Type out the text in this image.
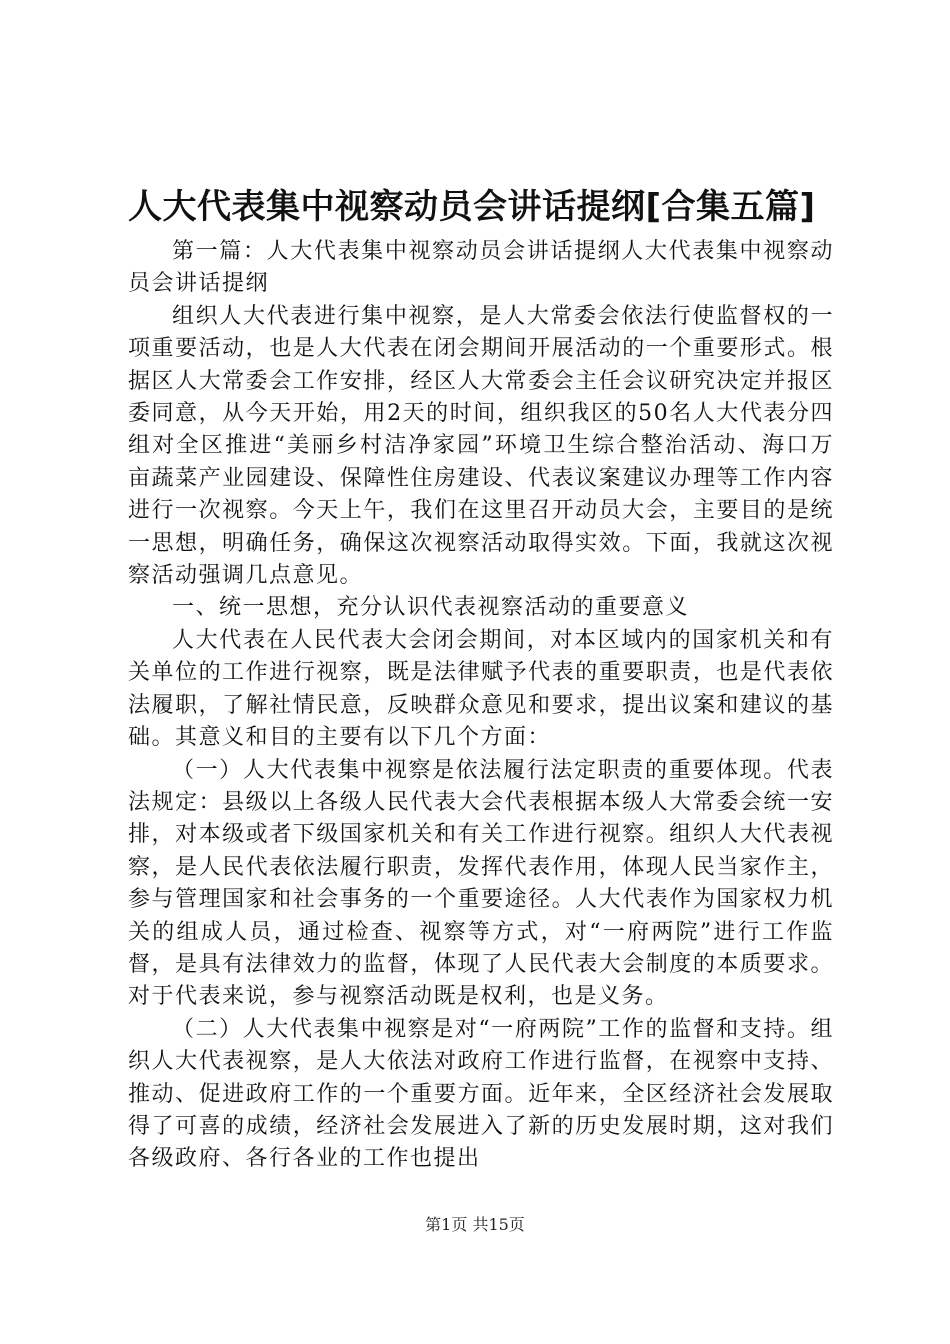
人大代表集中视察动员会讲话提纲[合集五篇]

第一篇：人大代表集中视察动员会讲话提纲人大代表集中视察动员会讲话提纲

组织人大代表进行集中视察，是人大常委会依法行使监督权的一项重要活动，也是人大代表在闭会期间开展活动的一个重要形式。根据区人大常委会工作安排，经区人大常委会主任会议研究决定并报区委同意，从今天开始，用2天的时间，组织我区的50名人大代表分四组对全区推进“美丽乡村洁净家园”环境卫生综合整治活动、海口万亩蔬菜产业园建设、保障性住房建设、代表议案建议办理等工作内容进行一次视察。今天上午，我们在这里召开动员大会，主要目的是统一思想，明确任务，确保这次视察活动取得实效。下面，我就这次视察活动强调几点意见。

一、统一思想，充分认识代表视察活动的重要意义

人大代表在人民代表大会闭会期间，对本区域内的国家机关和有关单位的工作进行视察，既是法律赋予代表的重要职责，也是代表依法履职，了解社情民意，反映群众意见和要求，提出议案和建议的基础。其意义和目的主要有以下几个方面：

（一）人大代表集中视察是依法履行法定职责的重要体现。代表法规定：县级以上各级人民代表大会代表根据本级人大常委会统一安排，对本级或者下级国家机关和有关工作进行视察。组织人大代表视察，是人民代表依法履行职责，发挥代表作用，体现人民当家作主，参与管理国家和社会事务的一个重要途径。人大代表作为国家权力机关的组成人员，通过检查、视察等方式，对“一府两院”进行工作监督，是具有法律效力的监督，体现了人民代表大会制度的本质要求。对于代表来说，参与视察活动既是权利，也是义务。

（二）人大代表集中视察是对“一府两院”工作的监督和支持。组织人大代表视察，是人大依法对政府工作进行监督，在视察中支持、推动、促进政府工作的一个重要方面。近年来，全区经济社会发展取得了可喜的成绩，经济社会发展进入了新的历史发展时期，这对我们各级政府、各行各业的工作也提出

第1页 共15页
